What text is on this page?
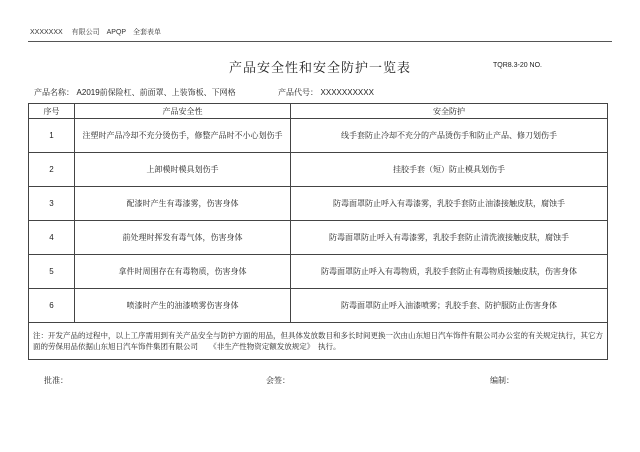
XXXXXXX　 有限公司　APQP　全套表单
产品安全性和安全防护一览表	TQR8.3-20 NO.
产品名称： A2019前保险杠、前面罩、上装饰板、下网格	产品代号： XXXXXXXXXX
序号	产品安全性	安全防护
1	注塑时产品冷却不充分烫伤手，修整产品时不小心划伤手	线手套防止冷却不充分的产品烫伤手和防止产品、修刀划伤手
2	上卸模时模具划伤手	挂胶手套（短）防止模具划伤手
3	配漆时产生有毒漆雾，伤害身体	防毒面罩防止呼入有毒漆雾，乳胶手套防止油漆接触皮肤，腐蚀手
4	前处理时挥发有毒气体，伤害身体	防毒面罩防止呼入有毒漆雾，乳胶手套防止清洗液接触皮肤，腐蚀手
5	拿件时周围存在有毒物质，伤害身体	防毒面罩防止呼入有毒物质，乳胶手套防止有毒物质接触皮肤，伤害身体
6	喷漆时产生的油漆喷雾伤害身体	防毒面罩防止呼入油漆喷雾；乳胶手套、防护服防止伤害身体
注：开发产品的过程中，以上工序需用到有关产品安全与防护方面的用品，但具体发放数目和多长时间更换一次由山东旭日汽车饰件有限公司办公室的有关规定执行，其它方面的劳保用品依据山东旭日汽车饰件集团有限公司　　《非生产性物资定额发放规定》　执行。		
批准：	会签：	编制：
